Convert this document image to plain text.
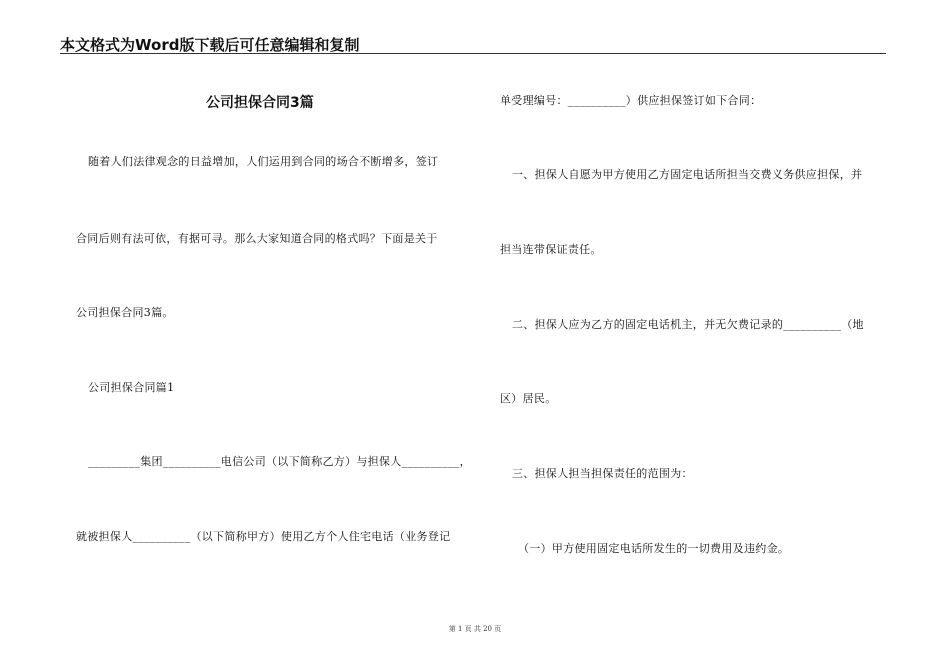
本文格式为Word版下载后可任意编辑和复制
公司担保合同3篇
随着人们法律观念的日益增加，人们运用到合同的场合不断增多，签订
合同后则有法可依，有据可寻。那么大家知道合同的格式吗？下面是关于
公司担保合同3篇。
公司担保合同篇1
_________集团__________电信公司（以下简称乙方）与担保人__________，
就被担保人__________（以下简称甲方）使用乙方个人住宅电话（业务登记
单受理编号：__________）供应担保签订如下合同：
一、担保人自愿为甲方使用乙方固定电话所担当交费义务供应担保，并
担当连带保证责任。
二、担保人应为乙方的固定电话机主，并无欠费记录的__________（地
区）居民。
三、担保人担当担保责任的范围为：
（一）甲方使用固定电话所发生的一切费用及违约金。
第 1 页 共 20 页
